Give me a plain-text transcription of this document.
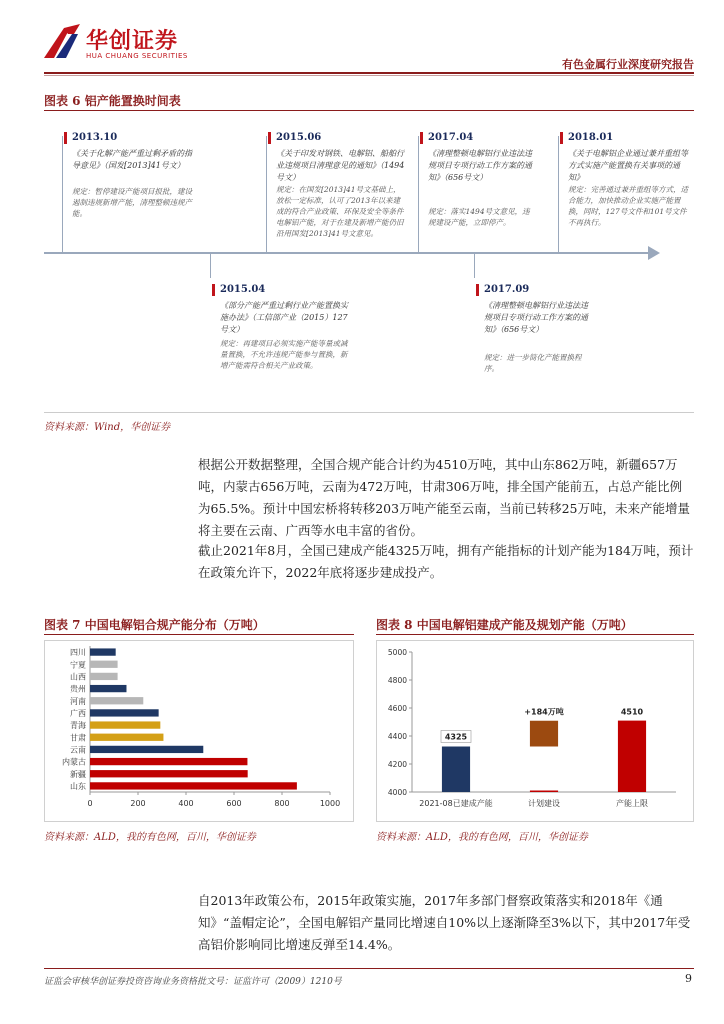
华创证券
HUA CHUANG SECURITIES
有色金属行业深度研究报告
图表 6 铝产能置换时间表
2013.10
《关于化解产能严重过剩矛盾的指导意见》（国发[2013]41号文）
规定：暂停建设产能项目报批，建设遏制违规新增产能，清理整顿违规产能。
2015.06
《关于印发对钢铁、电解铝、船舶行业违规项目清理意见的通知》（1494号文）
规定：在国发[2013]41号文基础上，放松一定标准，认可了2013年以来建成的符合产业政策、环保及安全等条件电解铝产能，对于在建及新增产能仍旧沿用国发[2013]41号文意见。
2017.04
《清理整顿电解铝行业违法违规项目专项行动工作方案的通知》（656号文）
规定：落实1494号文意见，违规建设产能，立即停产。
2018.01
《关于电解铝企业通过兼并重组等方式实施产能置换有关事项的通知》
规定：完善通过兼并重组等方式，适合能力，加快推动企业实施产能置换，同时，127号文件和101号文件不再执行。
2015.04
《部分产能严重过剩行业产能置换实施办法》（工信部产业（2015）127号文）
规定：再建项目必须实施产能等量或减量置换，不允许违规产能参与置换，新增产能需符合相关产业政策。
2017.09
《清理整顿电解铝行业违法违规项目专项行动工作方案的通知》（656号文）
规定：进一步简化产能置换程序。
资料来源：Wind，华创证券
根据公开数据整理，全国合规产能合计约为4510万吨，其中山东862万吨，新疆657万吨，内蒙古656万吨，云南为472万吨，甘肃306万吨，排全国产能前五，占总产能比例为65.5%。预计中国宏桥将转移203万吨产能至云南，当前已转移25万吨，未来产能增量将主要在云南、广西等水电丰富的省份。
截止2021年8月，全国已建成产能4325万吨，拥有产能指标的计划产能为184万吨，预计在政策允许下，2022年底将逐步建成投产。
图表 7 中国电解铝合规产能分布（万吨）
0	200	400	600	800	1000
四川
宁夏
山西
贵州
河南
广西
青海
甘肃
云南
内蒙古
新疆
山东
资料来源：ALD，我的有色网，百川，华创证券
图表 8 中国电解铝建成产能及规划产能（万吨）
4000
4200
4400
4600
4800
5000
4325
+184万吨	4510
2021-08已建成产能	计划建设	产能上限
资料来源：ALD，我的有色网，百川，华创证券
自2013年政策公布，2015年政策实施，2017年多部门督察政策落实和2018年《通知》“盖帽定论”，全国电解铝产量同比增速自10%以上逐渐降至3%以下，其中2017年受高铝价影响同比增速反弹至14.4%。
证监会审核华创证券投资咨询业务资格批文号：证监许可（2009）1210号	9
